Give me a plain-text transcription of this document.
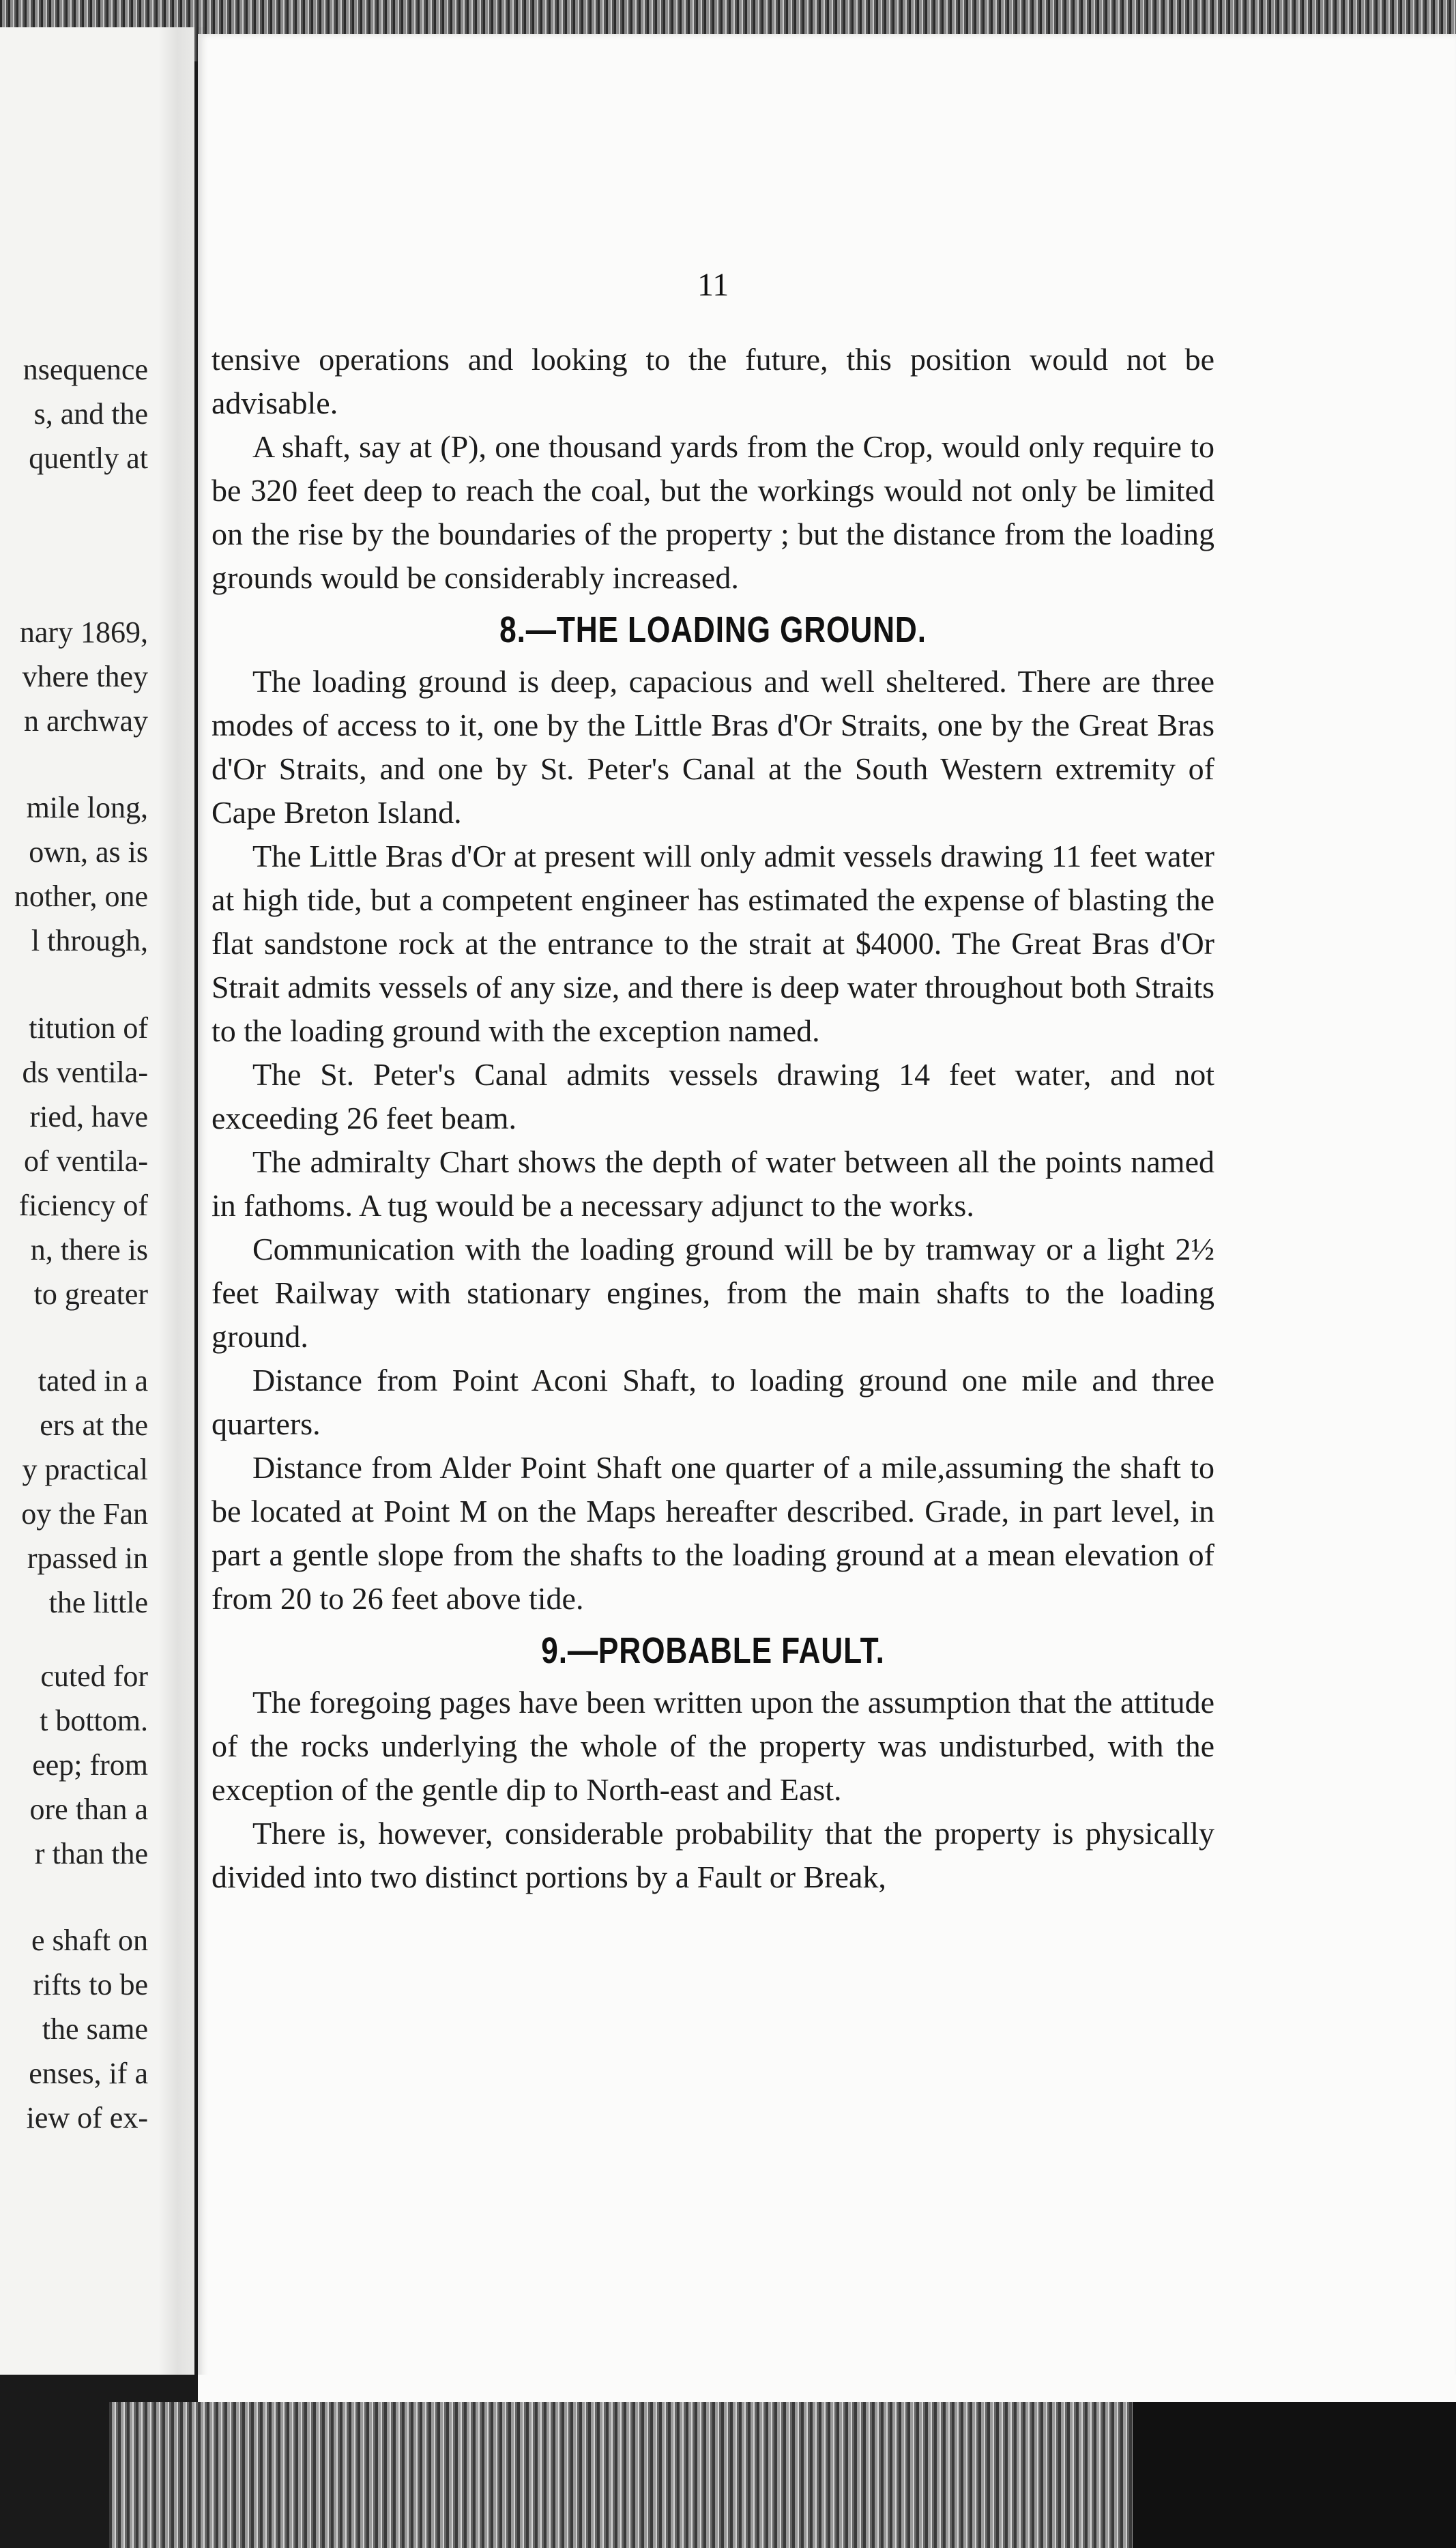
nsequence
s, and the
quently at
nary 1869,
vhere they
n archway
mile long,
own, as is
nother, one
l through,
titution of
ds ventila-
ried, have
of ventila-
ficiency of
n, there is
to greater
tated in a
ers at the
y practical
oy the Fan
rpassed in
the little
cuted for
t bottom.
eep; from
ore than a
r than the
e shaft on
rifts to be
the same
enses, if a
iew of ex-
11

tensive operations and looking to the future, this position would not be advisable.

A shaft, say at (P), one thousand yards from the Crop, would only require to be 320 feet deep to reach the coal, but the workings would not only be limited on the rise by the boundaries of the property ; but the distance from the loading grounds would be considerably increased.

8.—THE LOADING GROUND.

The loading ground is deep, capacious and well sheltered. There are three modes of access to it, one by the Little Bras d'Or Straits, one by the Great Bras d'Or Straits, and one by St. Peter's Canal at the South Western extremity of Cape Breton Island.

The Little Bras d'Or at present will only admit vessels drawing 11 feet water at high tide, but a competent engineer has estimated the expense of blasting the flat sandstone rock at the entrance to the strait at $4000. The Great Bras d'Or Strait admits vessels of any size, and there is deep water throughout both Straits to the loading ground with the exception named.

The St. Peter's Canal admits vessels drawing 14 feet water, and not exceeding 26 feet beam.

The admiralty Chart shows the depth of water between all the points named in fathoms. A tug would be a necessary adjunct to the works.

Communication with the loading ground will be by tramway or a light 2½ feet Railway with stationary engines, from the main shafts to the loading ground.

Distance from Point Aconi Shaft, to loading ground one mile and three quarters.

Distance from Alder Point Shaft one quarter of a mile,assuming the shaft to be located at Point M on the Maps hereafter described. Grade, in part level, in part a gentle slope from the shafts to the loading ground at a mean elevation of from 20 to 26 feet above tide.

9.—PROBABLE FAULT.

The foregoing pages have been written upon the assumption that the attitude of the rocks underlying the whole of the property was undisturbed, with the exception of the gentle dip to North-east and East.

There is, however, considerable probability that the property is physically divided into two distinct portions by a Fault or Break,
